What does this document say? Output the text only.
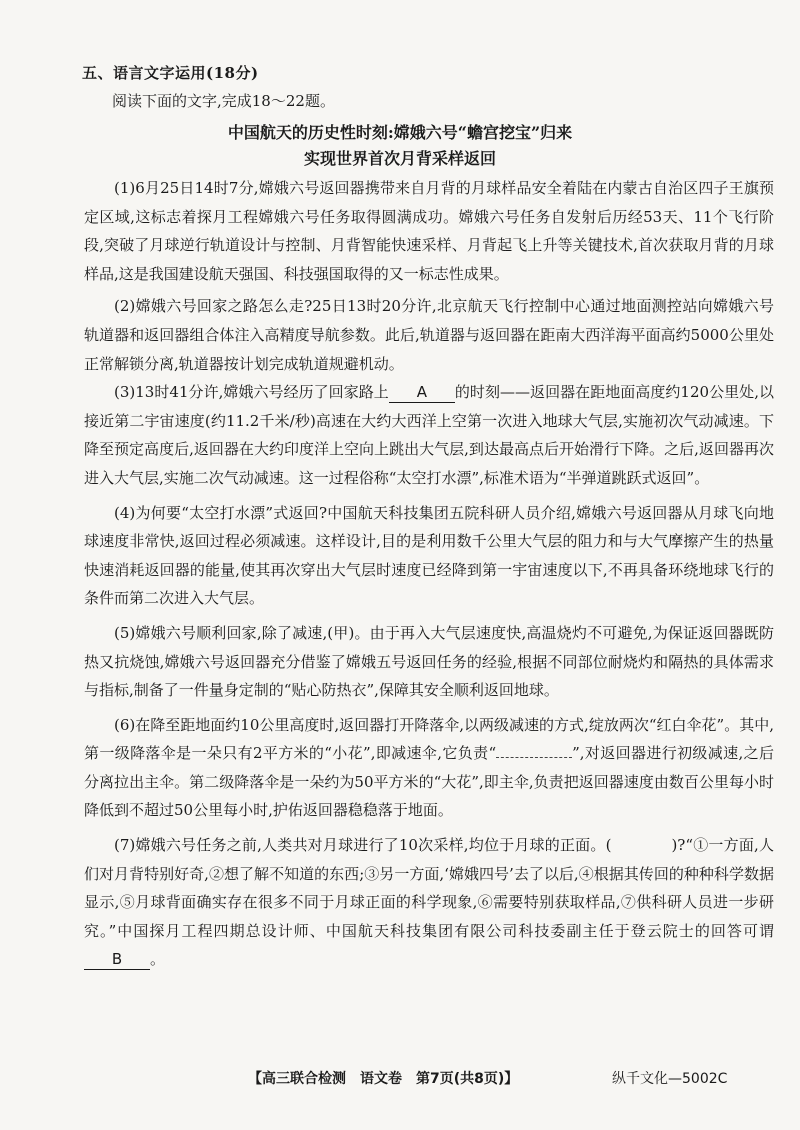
五、语言文字运用(18分)
阅读下面的文字,完成18～22题。
中国航天的历史性时刻:嫦娥六号“蟾宫挖宝”归来
实现世界首次月背采样返回

(1)6月25日14时7分,嫦娥六号返回器携带来自月背的月球样品安全着陆在内蒙古自治区四子王旗预定区域,这标志着探月工程嫦娥六号任务取得圆满成功。嫦娥六号任务自发射后历经53天、11个飞行阶段,突破了月球逆行轨道设计与控制、月背智能快速采样、月背起飞上升等关键技术,首次获取月背的月球样品,这是我国建设航天强国、科技强国取得的又一标志性成果。

(2)嫦娥六号回家之路怎么走?25日13时20分许,北京航天飞行控制中心通过地面测控站向嫦娥六号轨道器和返回器组合体注入高精度导航参数。此后,轨道器与返回器在距南大西洋海平面高约5000公里处正常解锁分离,轨道器按计划完成轨道规避机动。

(3)13时41分许,嫦娥六号经历了回家路上 A 的时刻——返回器在距地面高度约120公里处,以接近第二宇宙速度(约11.2千米/秒)高速在大约大西洋上空第一次进入地球大气层,实施初次气动减速。下降至预定高度后,返回器在大约印度洋上空向上跳出大气层,到达最高点后开始滑行下降。之后,返回器再次进入大气层,实施二次气动减速。这一过程俗称“太空打水漂”,标准术语为“半弹道跳跃式返回”。

(4)为何要“太空打水漂”式返回?中国航天科技集团五院科研人员介绍,嫦娥六号返回器从月球飞向地球速度非常快,返回过程必须减速。这样设计,目的是利用数千公里大气层的阻力和与大气摩擦产生的热量快速消耗返回器的能量,使其再次穿出大气层时速度已经降到第一宇宙速度以下,不再具备环绕地球飞行的条件而第二次进入大气层。

(5)嫦娥六号顺利回家,除了减速,(甲)。由于再入大气层速度快,高温烧灼不可避免,为保证返回器既防热又抗烧蚀,嫦娥六号返回器充分借鉴了嫦娥五号返回任务的经验,根据不同部位耐烧灼和隔热的具体需求与指标,制备了一件量身定制的“贴心防热衣”,保障其安全顺利返回地球。

(6)在降至距地面约10公里高度时,返回器打开降落伞,以两级减速的方式,绽放两次“红白伞花”。其中,第一级降落伞是一朵只有2平方米的“小花”,即减速伞,它负责“	”,对返回器进行初级减速,之后分离拉出主伞。第二级降落伞是一朵约为50平方米的“大花”,即主伞,负责把返回器速度由数百公里每小时降低到不超过50公里每小时,护佑返回器稳稳落于地面。

(7)嫦娥六号任务之前,人类共对月球进行了10次采样,均位于月球的正面。(	)?“①一方面,人们对月背特别好奇,②想了解不知道的东西;③另一方面,‘嫦娥四号’去了以后,④根据其传回的种种科学数据显示,⑤月球背面确实存在很多不同于月球正面的科学现象,⑥需要特别获取样品,⑦供科研人员进一步研究。”中国探月工程四期总设计师、中国航天科技集团有限公司科技委副主任于登云院士的回答可谓B 。

【高三联合检测　语文卷　第7页(共8页)】	纵千文化—5002C
